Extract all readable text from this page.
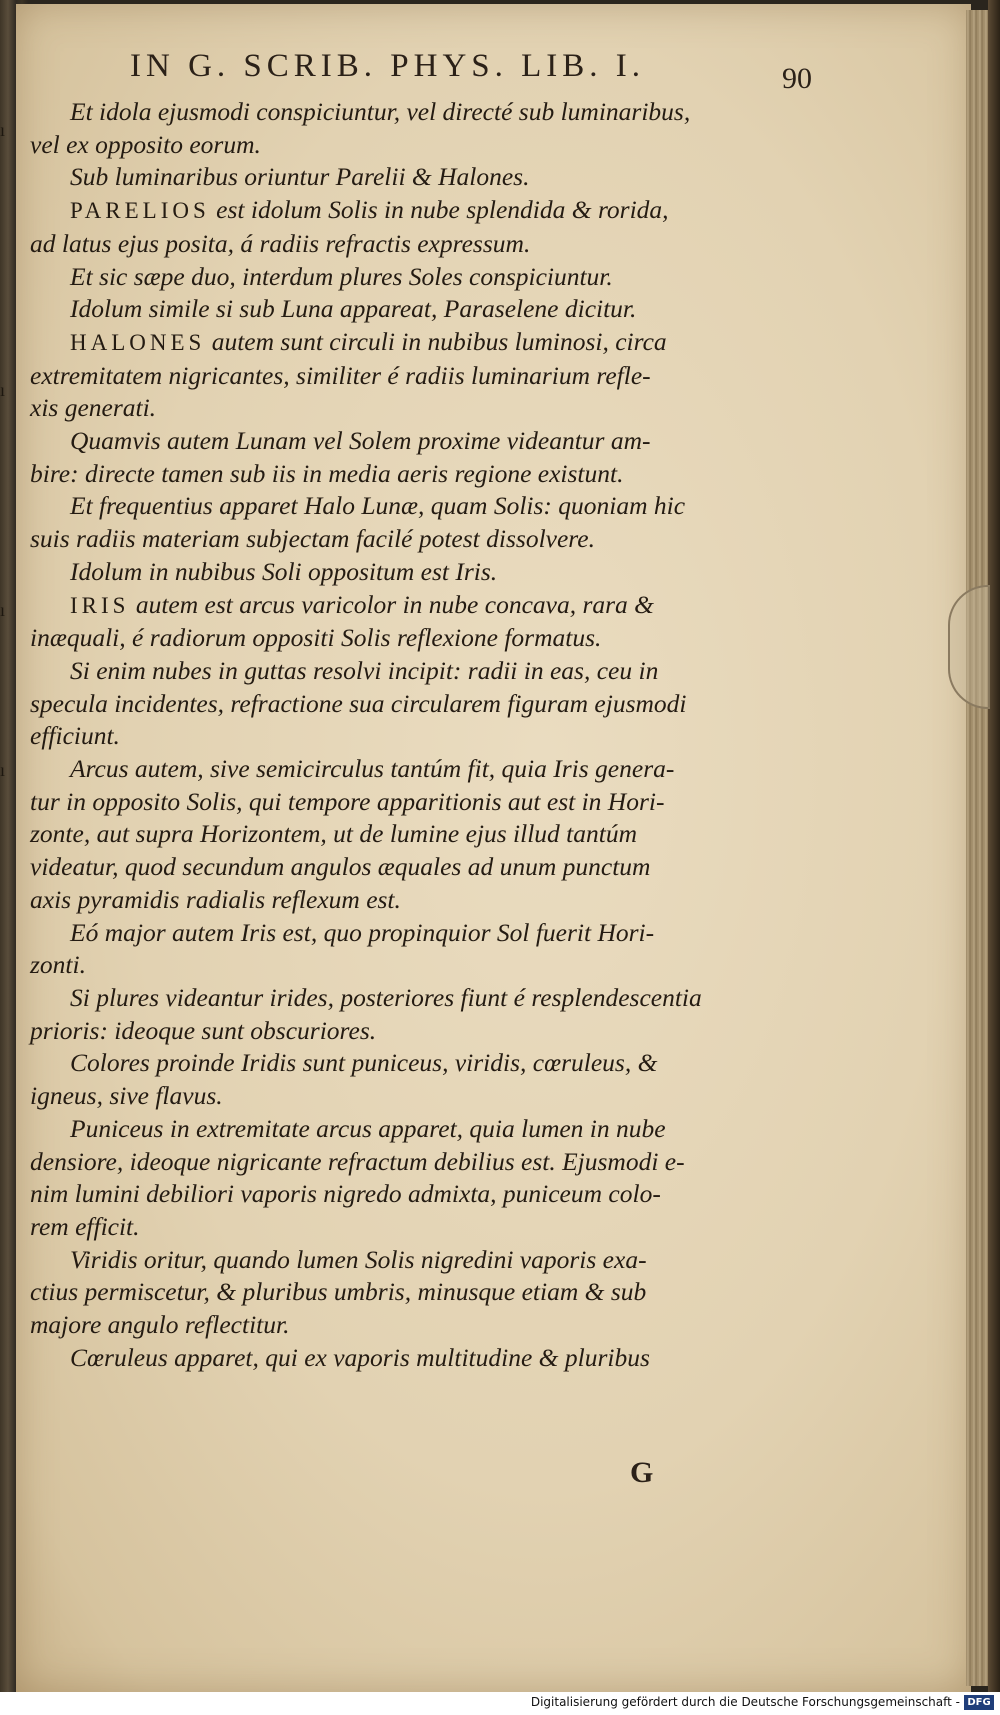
ı
ı
ı
ı
IN G. SCRIB. PHYS. LIB. I.	90

Et idola ejusmodi conspiciuntur, vel directé sub luminaribus,

vel ex opposito eorum.

Sub luminaribus oriuntur Parelii & Halones.

PARELIOS est idolum Solis in nube splendida & rorida,

ad latus ejus posita, á radiis refractis expressum.

Et sic sæpe duo, interdum plures Soles conspiciuntur.

Idolum simile si sub Luna appareat, Paraselene dicitur.

HALONES autem sunt circuli in nubibus luminosi, circa

extremitatem nigricantes, similiter é radiis luminarium refle-

xis generati.

Quamvis autem Lunam vel Solem proxime videantur am-

bire: directe tamen sub iis in media aeris regione existunt.

Et frequentius apparet Halo Lunæ, quam Solis: quoniam hic

suis radiis materiam subjectam facilé potest dissolvere.

Idolum in nubibus Soli oppositum est Iris.

IRIS autem est arcus varicolor in nube concava, rara &

inæquali, é radiorum oppositi Solis reflexione formatus.

Si enim nubes in guttas resolvi incipit: radii in eas, ceu in

specula incidentes, refractione sua circularem figuram ejusmodi

efficiunt.

Arcus autem, sive semicirculus tantúm fit, quia Iris genera-

tur in opposito Solis, qui tempore apparitionis aut est in Hori-

zonte, aut supra Horizontem, ut de lumine ejus illud tantúm

videatur, quod secundum angulos æquales ad unum punctum

axis pyramidis radialis reflexum est.

Eó major autem Iris est, quo propinquior Sol fuerit Hori-

zonti.

Si plures videantur irides, posteriores fiunt é resplendescentia

prioris: ideoque sunt obscuriores.

Colores proinde Iridis sunt puniceus, viridis, cœruleus, &

igneus, sive flavus.

Puniceus in extremitate arcus apparet, quia lumen in nube

densiore, ideoque nigricante refractum debilius est. Ejusmodi e-

nim lumini debiliori vaporis nigredo admixta, puniceum colo-

rem efficit.

Viridis oritur, quando lumen Solis nigredini vaporis exa-

ctius permiscetur, & pluribus umbris, minusque etiam & sub

majore angulo reflectitur.

Cœruleus apparet, qui ex vaporis multitudine & pluribus

G
Digitalisierung gefördert durch die Deutsche Forschungsgemeinschaft - DFG
